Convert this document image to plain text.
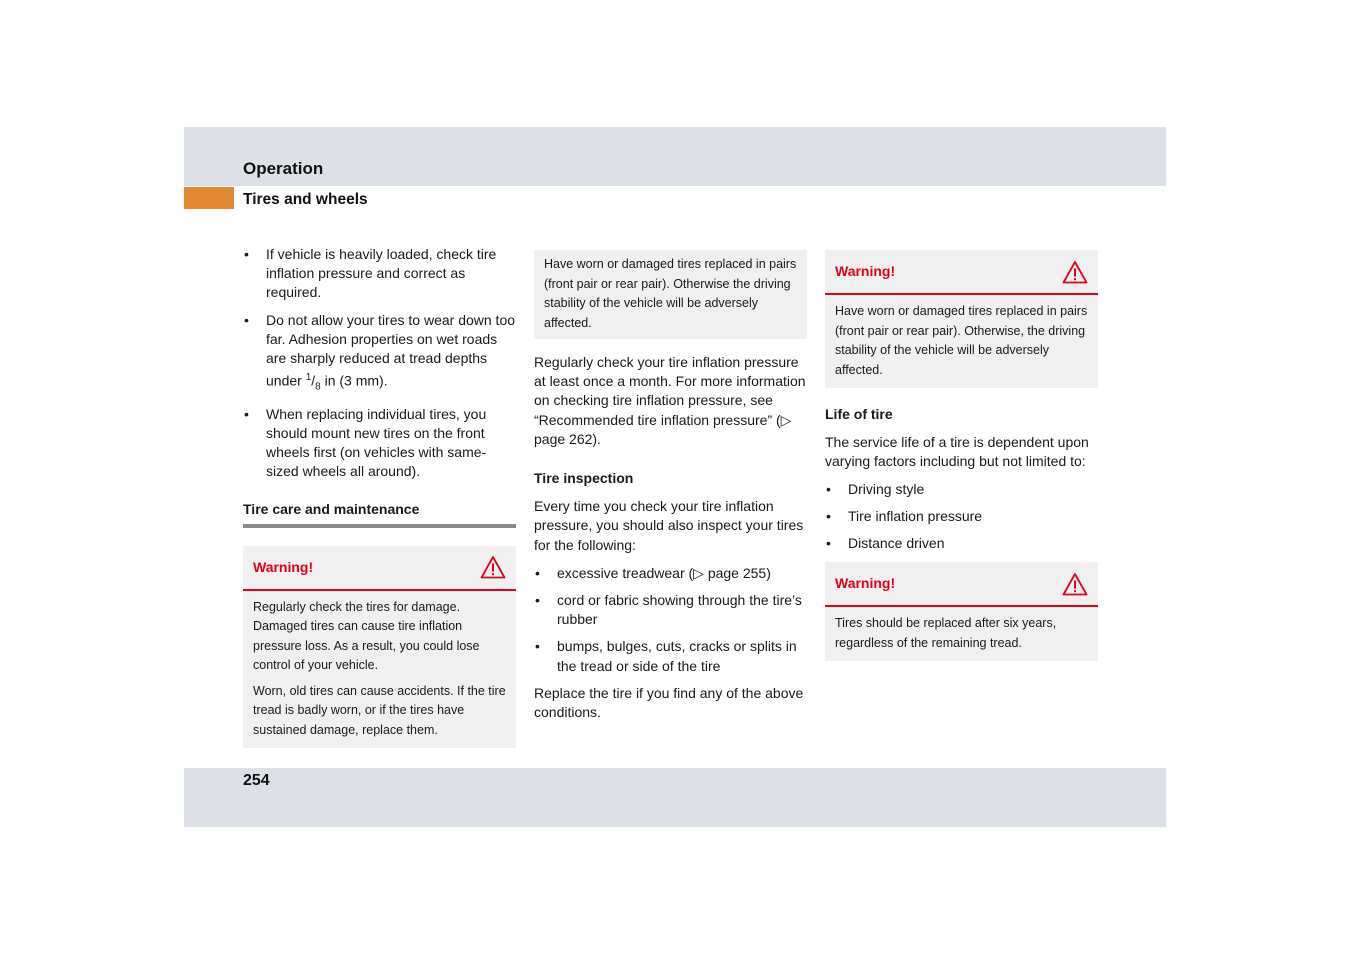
Operation
Tires and wheels
• If vehicle is heavily loaded, check tire inflation pressure and correct as required.
• Do not allow your tires to wear down too far. Adhesion properties on wet roads are sharply reduced at tread depths under $^1/_8$ in (3 mm).
• When replacing individual tires, you should mount new tires on the front wheels first (on vehicles with same-sized wheels all around).
Tire care and maintenance
Warning!

Regularly check the tires for damage. Damaged tires can cause tire inflation pressure loss. As a result, you could lose control of your vehicle.

Worn, old tires can cause accidents. If the tire tread is badly worn, or if the tires have sustained damage, replace them.

Have worn or damaged tires replaced in pairs (front pair or rear pair). Otherwise the driving stability of the vehicle will be adversely affected.

Regularly check your tire inflation pressure at least once a month. For more information on checking tire inflation pressure, see “Recommended tire inflation pressure” (▷ page 262).

Tire inspection

Every time you check your tire inflation pressure, you should also inspect your tires for the following:

• excessive treadwear (▷ page 255)
• cord or fabric showing through the tire’s rubber
• bumps, bulges, cuts, cracks or splits in the tread or side of the tire

Replace the tire if you find any of the above conditions.

Warning!

Have worn or damaged tires replaced in pairs (front pair or rear pair). Otherwise, the driving stability of the vehicle will be adversely affected.

Life of tire

The service life of a tire is dependent upon varying factors including but not limited to:

• Driving style
• Tire inflation pressure
• Distance driven
Warning!

Tires should be replaced after six years, regardless of the remaining tread.

254
